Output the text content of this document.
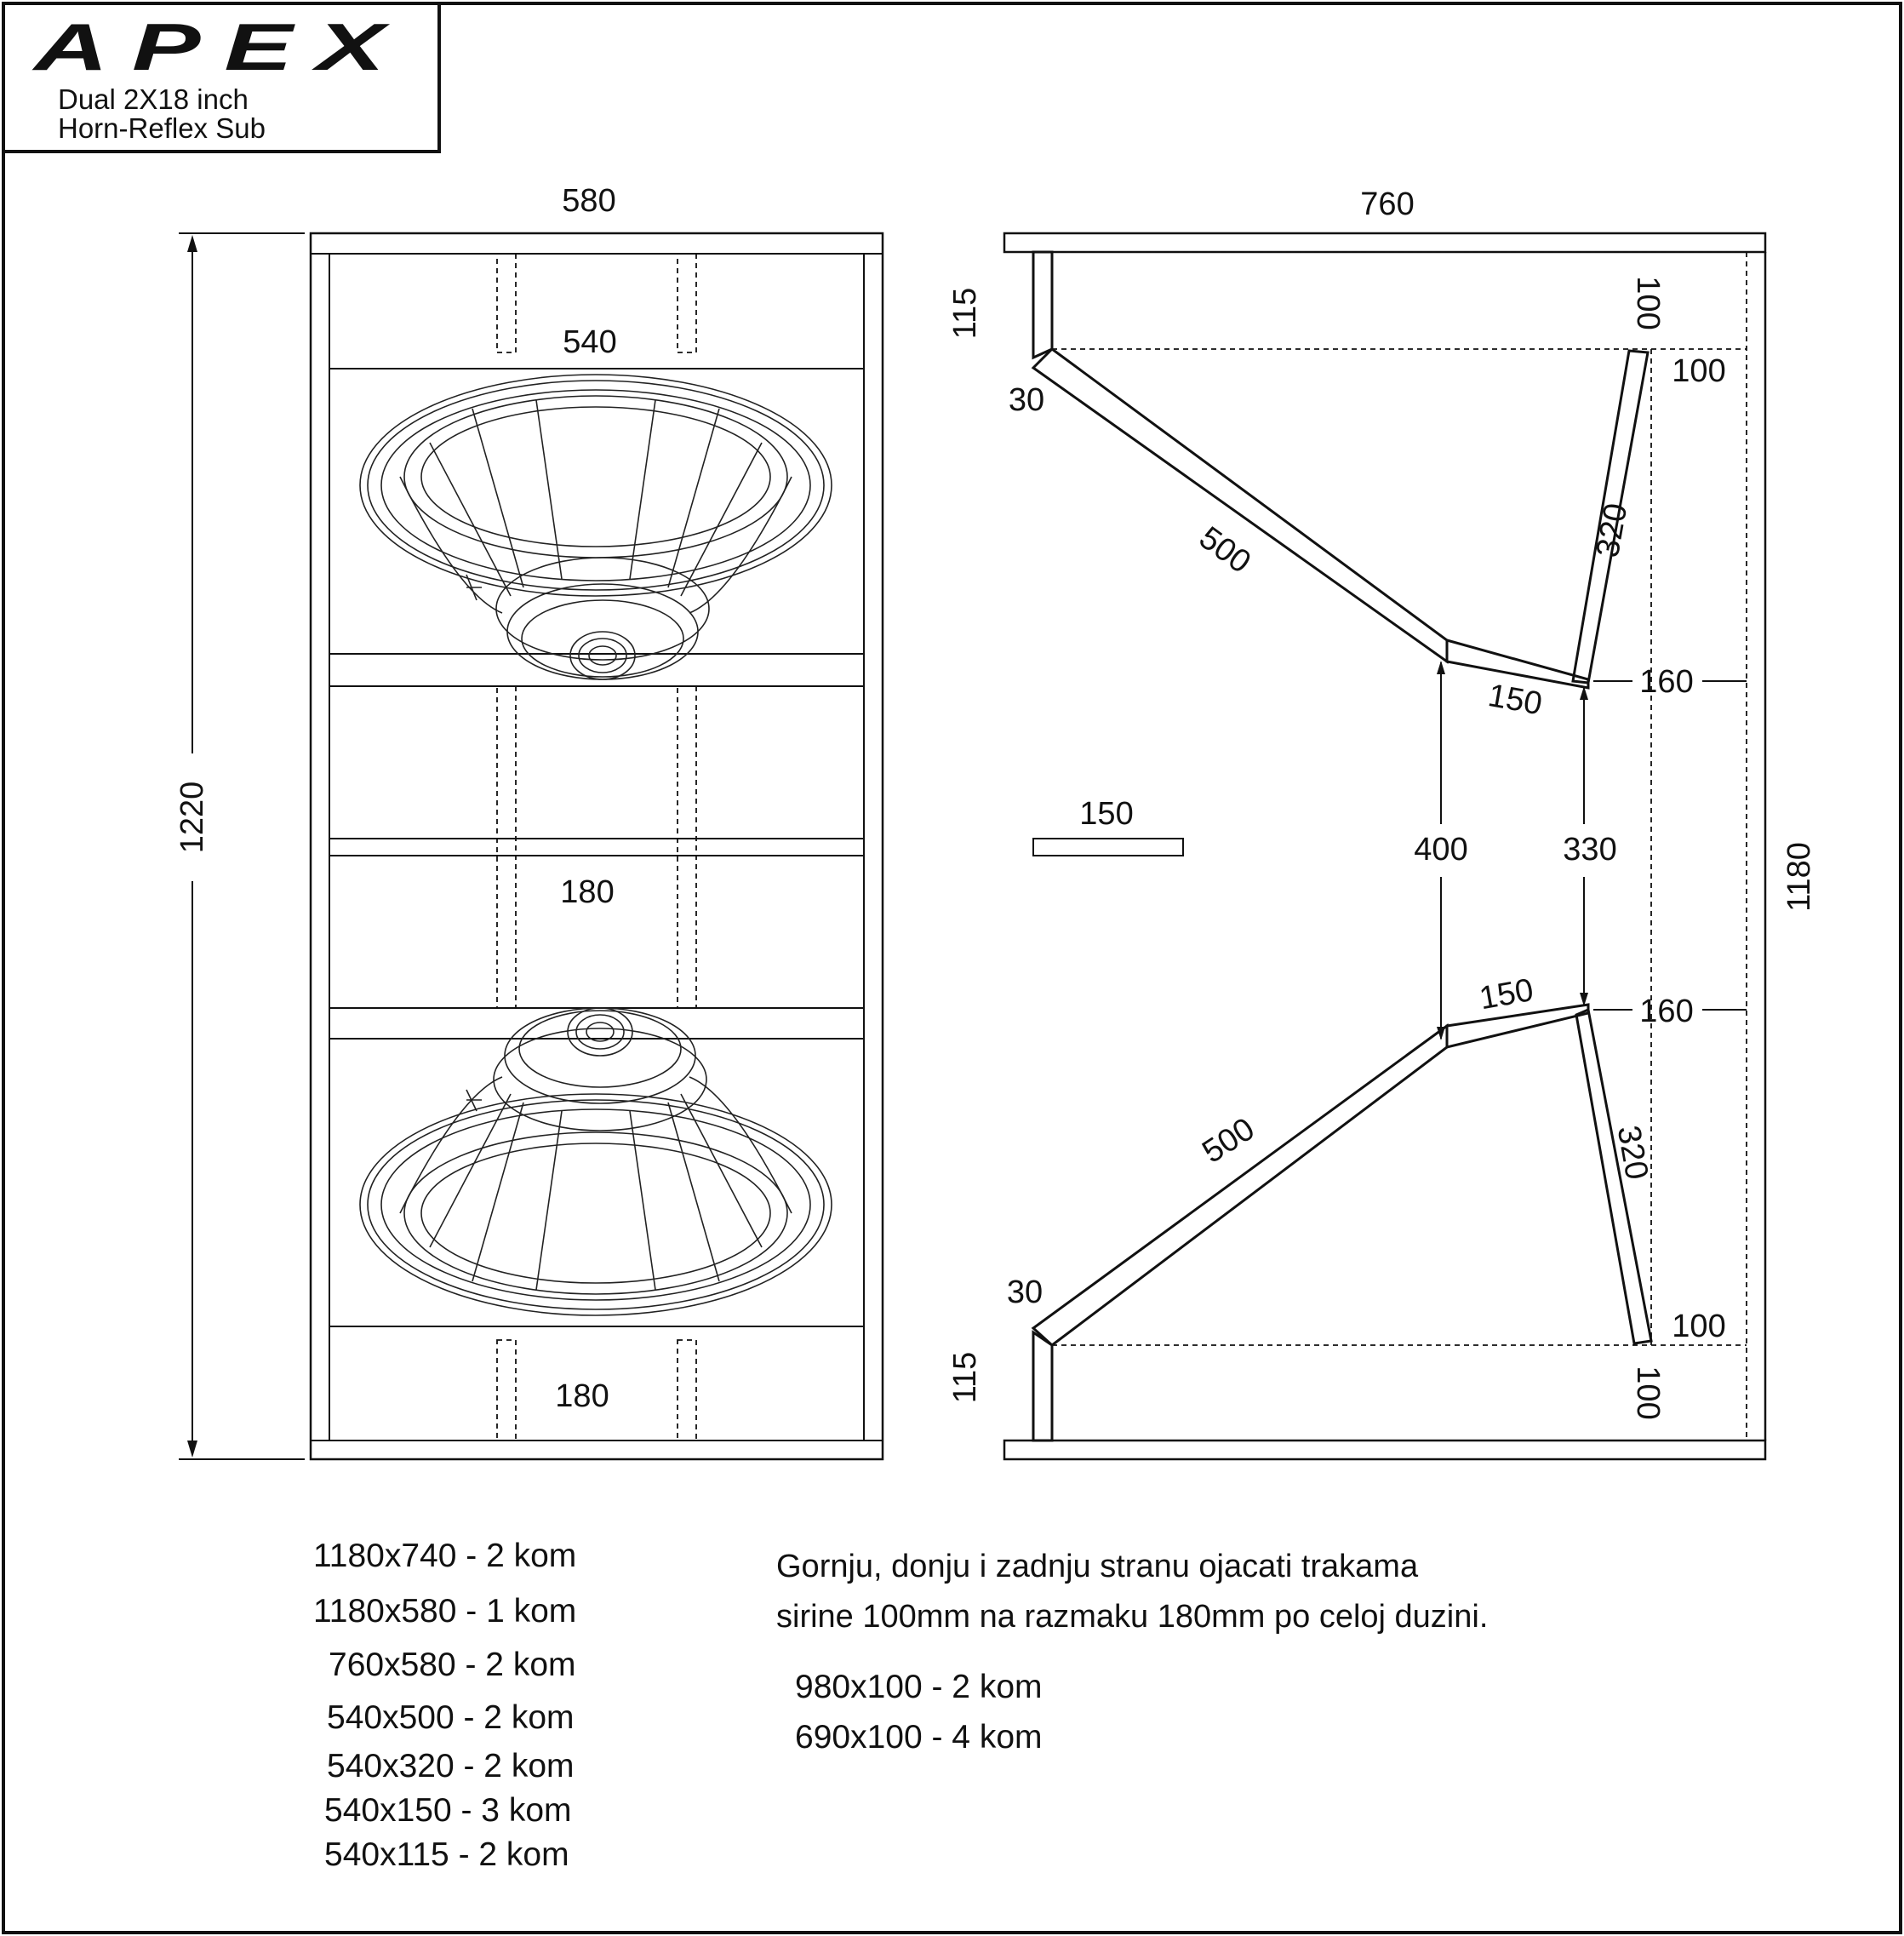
APEX
Dual 2X18 inch
Horn-Reflex Sub
1220
580
540
180
180
760
1180
115
115
100
100
100
100
30
30
500
500
150
150
320
320
160
160
400	330
150
1180x740 - 2 kom
1180x580 - 1 kom
760x580 - 2 kom
540x500 - 2 kom
540x320 - 2 kom
540x150 - 3 kom
540x115 - 2 kom
Gornju, donju i zadnju stranu ojacati trakama
sirine 100mm na razmaku 180mm po celoj duzini.
980x100 - 2 kom
690x100 - 4 kom
